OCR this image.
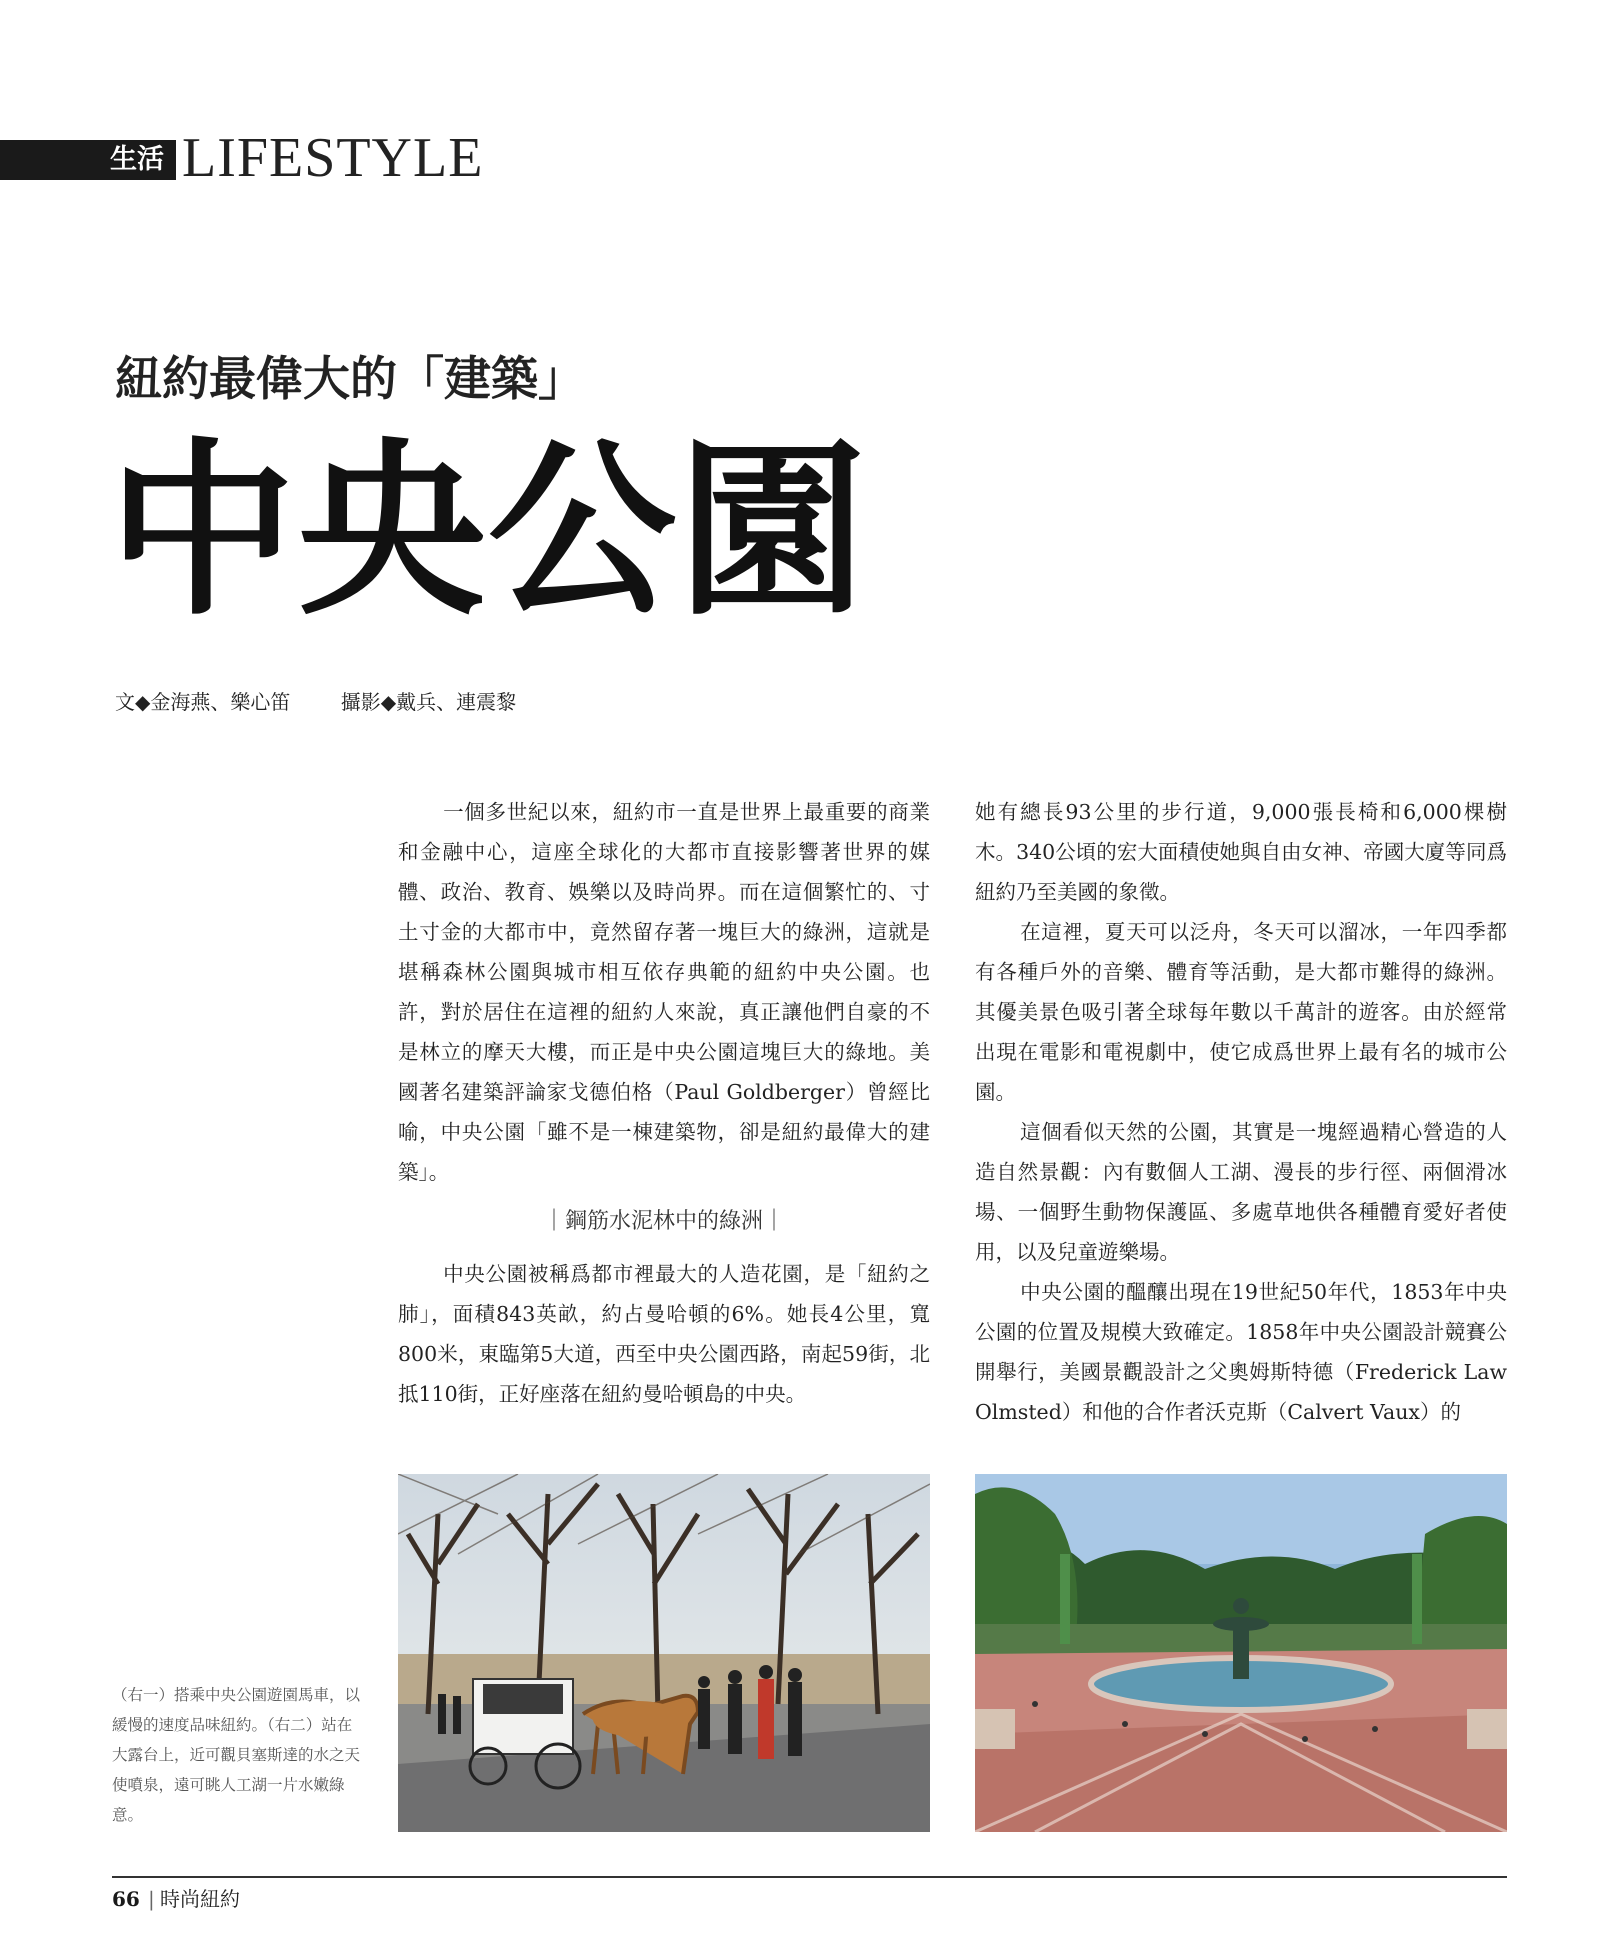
生活 LIFESTYLE
紐約最偉大的「建築」
中央公園
文◆金海燕、樂心笛	攝影◆戴兵、連震黎

一個多世紀以來，紐約市一直是世界上最重要的商業和金融中心，這座全球化的大都市直接影響著世界的媒體、政治、教育、娛樂以及時尚界。而在這個繁忙的、寸土寸金的大都市中，竟然留存著一塊巨大的綠洲，這就是堪稱森林公園與城市相互依存典範的紐約中央公園。也許，對於居住在這裡的紐約人來說，真正讓他們自豪的不是林立的摩天大樓，而正是中央公園這塊巨大的綠地。美國著名建築評論家戈德伯格（Paul Goldberger）曾經比喻，中央公園「雖不是一棟建築物，卻是紐約最偉大的建築」。

｜鋼筋水泥林中的綠洲｜

中央公園被稱爲都市裡最大的人造花園，是「紐約之肺」，面積843英畝，約占曼哈頓的6%。她長4公里，寬800米，東臨第5大道，西至中央公園西路，南起59街，北抵110街，正好座落在紐約曼哈頓島的中央。

她有總長93公里的步行道，9,000張長椅和6,000棵樹木。340公頃的宏大面積使她與自由女神、帝國大廈等同爲紐約乃至美國的象徵。

在這裡，夏天可以泛舟，冬天可以溜冰，一年四季都有各種戶外的音樂、體育等活動，是大都市難得的綠洲。其優美景色吸引著全球每年數以千萬計的遊客。由於經常出現在電影和電視劇中，使它成爲世界上最有名的城市公園。

這個看似天然的公園，其實是一塊經過精心營造的人造自然景觀：內有數個人工湖、漫長的步行徑、兩個滑冰場、一個野生動物保護區、多處草地供各種體育愛好者使用，以及兒童遊樂場。

中央公園的醞釀出現在19世紀50年代，1853年中央公園的位置及規模大致確定。1858年中央公園設計競賽公開舉行，美國景觀設計之父奧姆斯特德（Frederick Law Olmsted）和他的合作者沃克斯（Calvert Vaux）的

（右一）搭乘中央公園遊園馬車，以緩慢的速度品味紐約。（右二）站在大露台上，近可觀貝塞斯達的水之天使噴泉，遠可眺人工湖一片水嫩綠意。
66 | 時尚紐約
